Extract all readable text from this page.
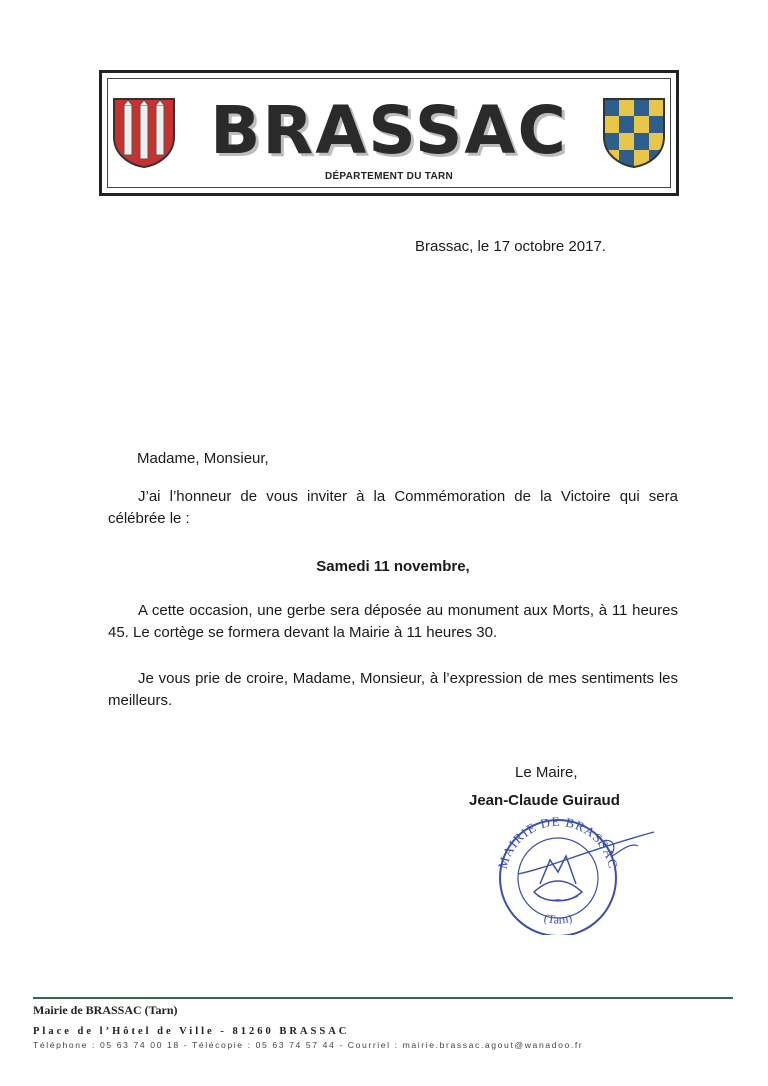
BRASSAC
DÉPARTEMENT DU TARN
Brassac, le 17 octobre 2017.
Madame, Monsieur,
J’ai l’honneur de vous inviter à la Commémoration de la Victoire qui sera célébrée le :
Samedi 11 novembre,
A cette occasion, une gerbe sera déposée au monument aux Morts, à 11 heures 45. Le cortège se formera devant la Mairie à 11 heures 30.
Je vous prie de croire, Madame, Monsieur, à l’expression de mes sentiments les meilleurs.
Le Maire,
Jean-Claude Guiraud
MAIRIE DE BRASSAC
(Tarn)
Mairie de BRASSAC (Tarn)
Place de l’Hôtel de Ville - 81260 BRASSAC
Téléphone : 05 63 74 00 18 - Télécopie : 05 63 74 57 44 - Courriel : mairie.brassac.agout@wanadoo.fr
